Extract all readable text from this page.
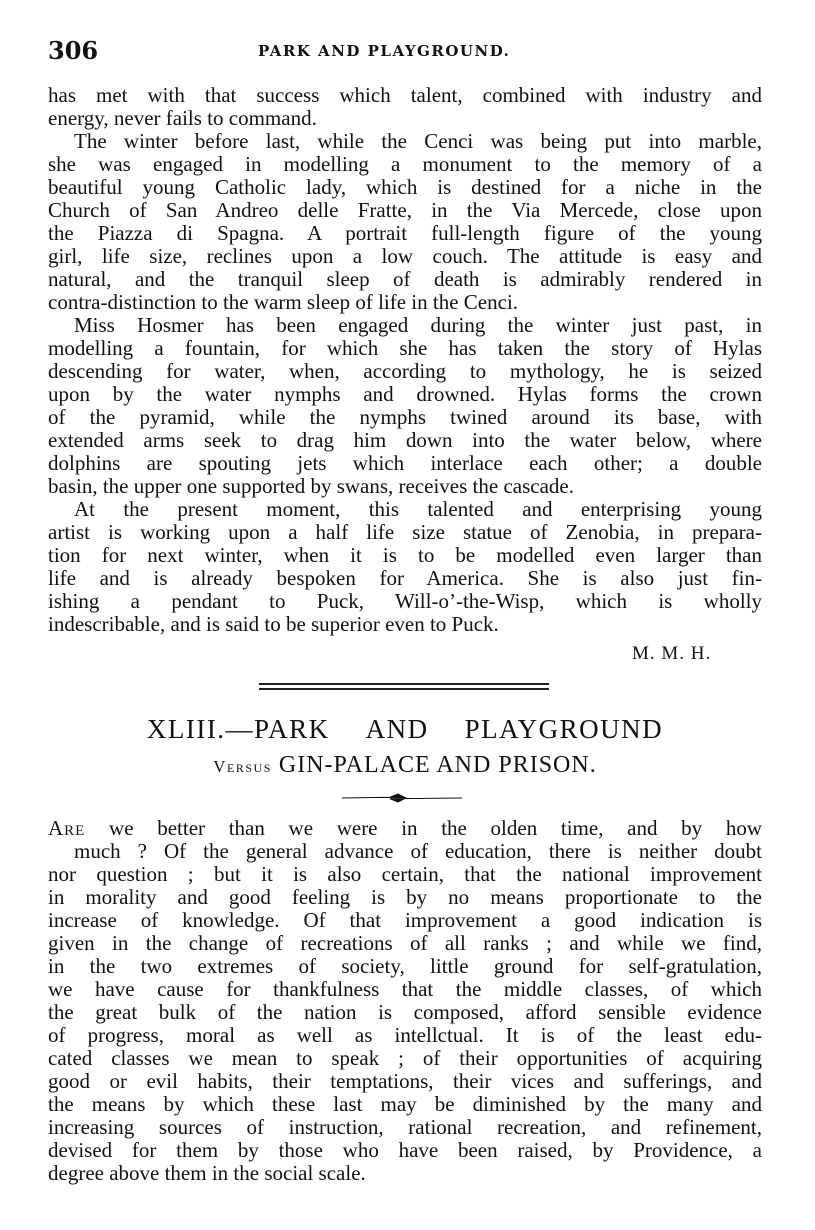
306	PARK AND PLAYGROUND.
has met with that success which talent, combined with industry and
energy, never fails to command.
The winter before last, while the Cenci was being put into marble,
she was engaged in modelling a monument to the memory of a
beautiful young Catholic lady, which is destined for a niche in the
Church of San Andreo delle Fratte, in the Via Mercede, close upon
the Piazza di Spagna. A portrait full-length figure of the young
girl, life size, reclines upon a low couch. The attitude is easy and
natural, and the tranquil sleep of death is admirably rendered in
contra-distinction to the warm sleep of life in the Cenci.
Miss Hosmer has been engaged during the winter just past, in
modelling a fountain, for which she has taken the story of Hylas
descending for water, when, according to mythology, he is seized
upon by the water nymphs and drowned. Hylas forms the crown
of the pyramid, while the nymphs twined around its base, with
extended arms seek to drag him down into the water below, where
dolphins are spouting jets which interlace each other; a double
basin, the upper one supported by swans, receives the cascade.
At the present moment, this talented and enterprising young
artist is working upon a half life size statue of Zenobia, in prepara-
tion for next winter, when it is to be modelled even larger than
life and is already bespoken for America. She is also just fin-
ishing a pendant to Puck, Will-o’-the-Wisp, which is wholly
indescribable, and is said to be superior even to Puck.
M. M. H.
XLIII.—PARK AND PLAYGROUND
Versus GIN-PALACE AND PRISON.
Are we better than we were in the olden time, and by how
much ? Of the general advance of education, there is neither doubt
nor question ; but it is also certain, that the national improvement
in morality and good feeling is by no means proportionate to the
increase of knowledge. Of that improvement a good indication is
given in the change of recreations of all ranks ; and while we find,
in the two extremes of society, little ground for self-gratulation,
we have cause for thankfulness that the middle classes, of which
the great bulk of the nation is composed, afford sensible evidence
of progress, moral as well as intellctual. It is of the least edu-
cated classes we mean to speak ; of their opportunities of acquiring
good or evil habits, their temptations, their vices and sufferings, and
the means by which these last may be diminished by the many and
increasing sources of instruction, rational recreation, and refinement,
devised for them by those who have been raised, by Providence, a
degree above them in the social scale.
